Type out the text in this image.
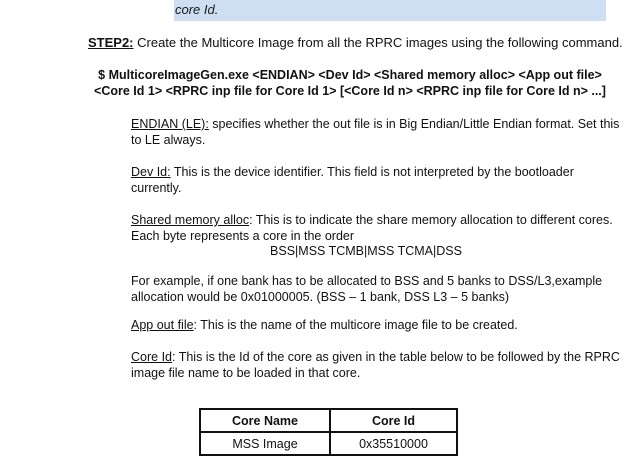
core Id.
STEP2: Create the Multicore Image from all the RPRC images using the following command.
$ MulticoreImageGen.exe <ENDIAN> <Dev Id> <Shared memory alloc> <App out file>
<Core Id 1> <RPRC inp file for Core Id 1> [<Core Id n> <RPRC inp file for Core Id n> ...]
ENDIAN (LE): specifies whether the out file is in Big Endian/Little Endian format. Set this
to LE always.
Dev Id: This is the device identifier. This field is not interpreted by the bootloader
currently.
Shared memory alloc: This is to indicate the share memory allocation to different cores.
Each byte represents a core in the order
BSS|MSS TCMB|MSS TCMA|DSS
For example, if one bank has to be allocated to BSS and 5 banks to DSS/L3,example
allocation would be 0x01000005. (BSS – 1 bank, DSS L3 – 5 banks)
App out file: This is the name of the multicore image file to be created.
Core Id: This is the Id of the core as given in the table below to be followed by the RPRC
image file name to be loaded in that core.
Core Name	Core Id
MSS Image	0x35510000
